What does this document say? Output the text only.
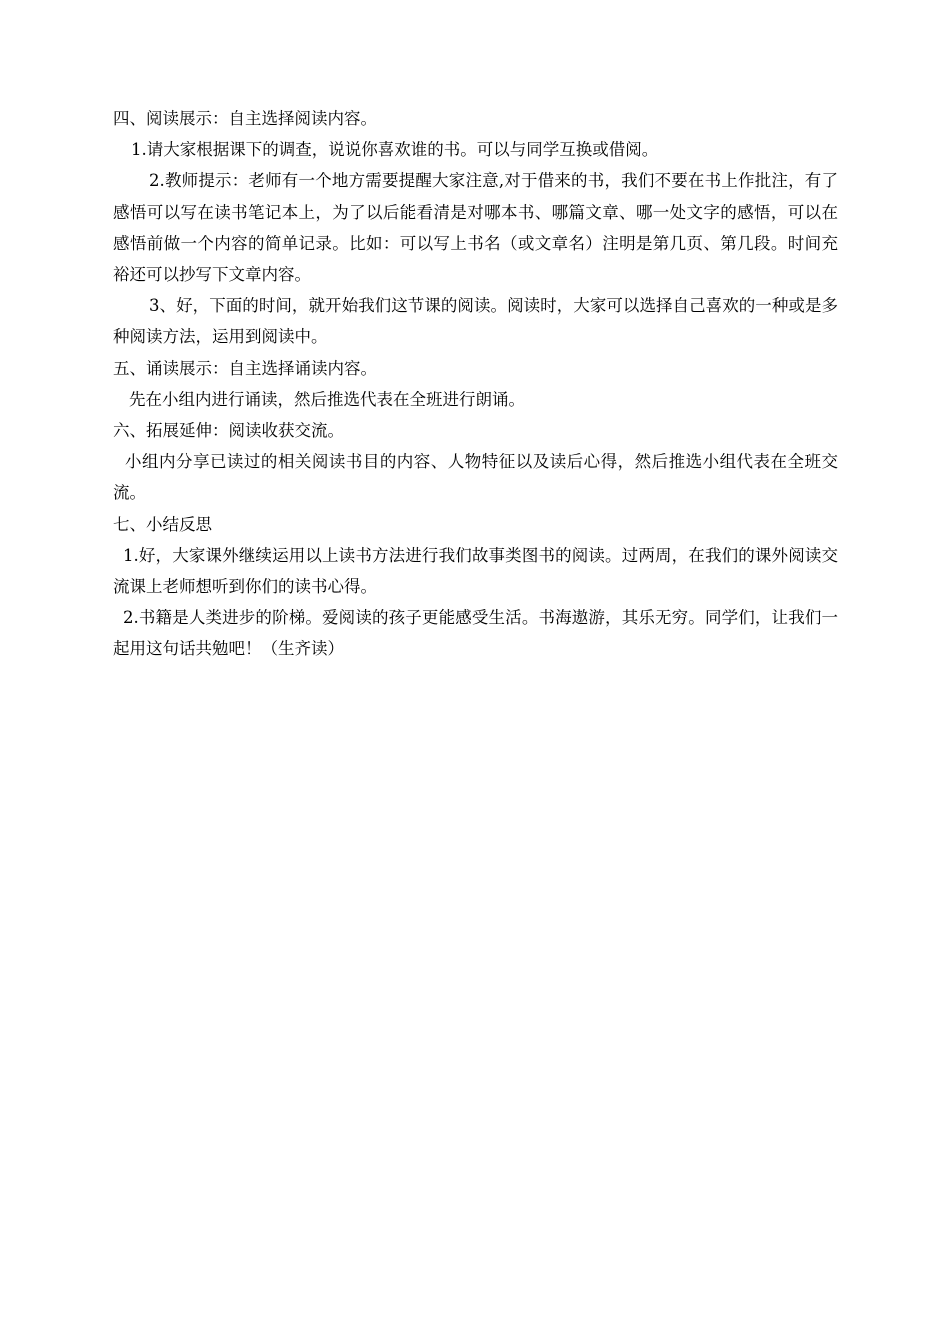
四、阅读展示：自主选择阅读内容。

1.请大家根据课下的调查，说说你喜欢谁的书。可以与同学互换或借阅。

2.教师提示：老师有一个地方需要提醒大家注意,对于借来的书，我们不要在书上作批注，有了感悟可以写在读书笔记本上，为了以后能看清是对哪本书、哪篇文章、哪一处文字的感悟，可以在感悟前做一个内容的简单记录。比如：可以写上书名（或文章名）注明是第几页、第几段。时间充裕还可以抄写下文章内容。

3、好，下面的时间，就开始我们这节课的阅读。阅读时，大家可以选择自己喜欢的一种或是多种阅读方法，运用到阅读中。

五、诵读展示：自主选择诵读内容。

先在小组内进行诵读，然后推选代表在全班进行朗诵。

六、拓展延伸：阅读收获交流。

小组内分享已读过的相关阅读书目的内容、人物特征以及读后心得，然后推选小组代表在全班交流。

七、小结反思

1.好，大家课外继续运用以上读书方法进行我们故事类图书的阅读。过两周，在我们的课外阅读交流课上老师想听到你们的读书心得。

2.书籍是人类进步的阶梯。爱阅读的孩子更能感受生活。书海遨游，其乐无穷。同学们，让我们一起用这句话共勉吧！（生齐读）
